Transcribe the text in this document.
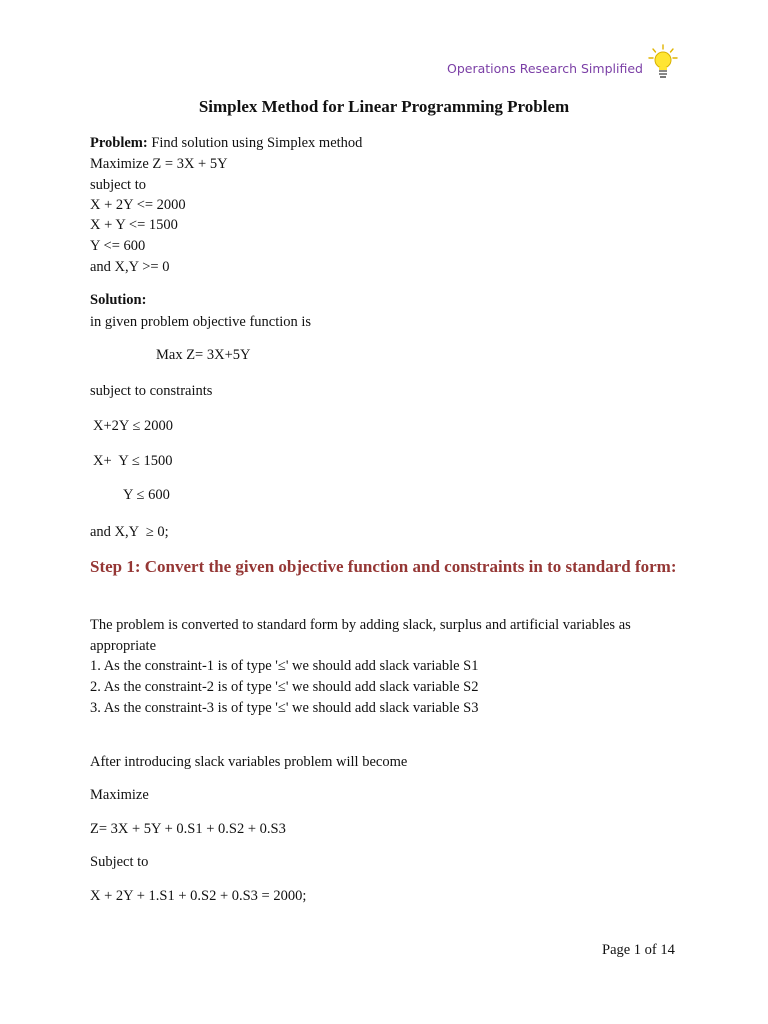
Operations Research Simplified
Simplex Method for Linear Programming Problem
Problem: Find solution using Simplex method
Maximize Z = 3X + 5Y
subject to
X + 2Y <= 2000
X + Y <= 1500
Y <= 600
and X,Y >= 0
Solution:
in given problem objective function is
Max Z= 3X+5Y
subject to constraints
X+2Y ≤ 2000
X+  Y ≤ 1500
Y ≤ 600
and X,Y  ≥ 0;
Step 1: Convert the given objective function and constraints in to standard form:
The problem is converted to standard form by adding slack, surplus and artificial variables as appropriate
1. As the constraint-1 is of type '≤' we should add slack variable S1
2. As the constraint-2 is of type '≤' we should add slack variable S2
3. As the constraint-3 is of type '≤' we should add slack variable S3
After introducing slack variables problem will become
Maximize
Z= 3X + 5Y + 0.S1 + 0.S2 + 0.S3
Subject to
X + 2Y + 1.S1 + 0.S2 + 0.S3 = 2000;
Page 1 of 14
